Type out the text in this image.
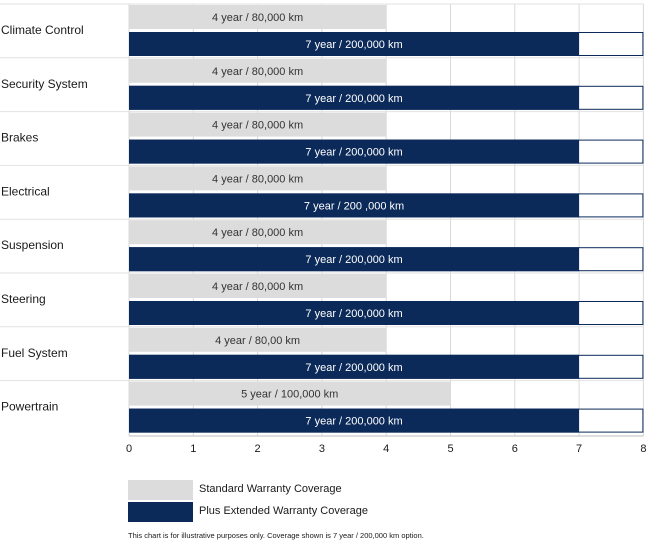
Climate Control
4 year / 80,000 km
7 year / 200,000 km
Security System
4 year / 80,000 km
7 year / 200,000 km
Brakes
4 year / 80,000 km
7 year / 200,000 km
Electrical
4 year / 80,000 km
7 year / 200 ,000 km
Suspension
4 year / 80,000 km
7 year / 200,000 km
Steering
4 year / 80,000 km
7 year / 200,000 km
Fuel System
4 year / 80,00 km
7 year / 200,000 km
Powertrain
5 year / 100,000 km
7 year / 200,000 km
0	1	2	3	4	5	6	7	8
Standard Warranty Coverage
Plus Extended Warranty Coverage
This chart is for illustrative purposes only. Coverage shown is 7 year / 200,000 km option.
